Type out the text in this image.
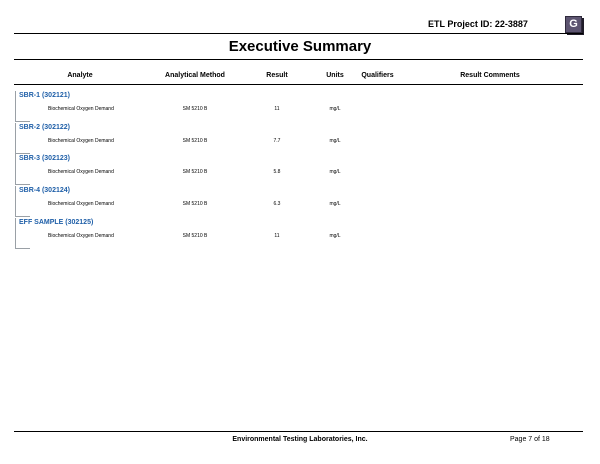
ETL Project ID: 22-3887	G
Executive Summary
Analyte	Analytical Method	Result	Units	Qualifiers	Result Comments
SBR-1 (302121)
Biochemical Oxygen Demand	SM 5210 B	11	mg/L
SBR-2 (302122)
Biochemical Oxygen Demand	SM 5210 B	7.7	mg/L
SBR-3 (302123)
Biochemical Oxygen Demand	SM 5210 B	5.8	mg/L
SBR-4 (302124)
Biochemical Oxygen Demand	SM 5210 B	6.3	mg/L
EFF SAMPLE (302125)
Biochemical Oxygen Demand	SM 5210 B	11	mg/L
Environmental Testing Laboratories, Inc.	Page 7 of 18
